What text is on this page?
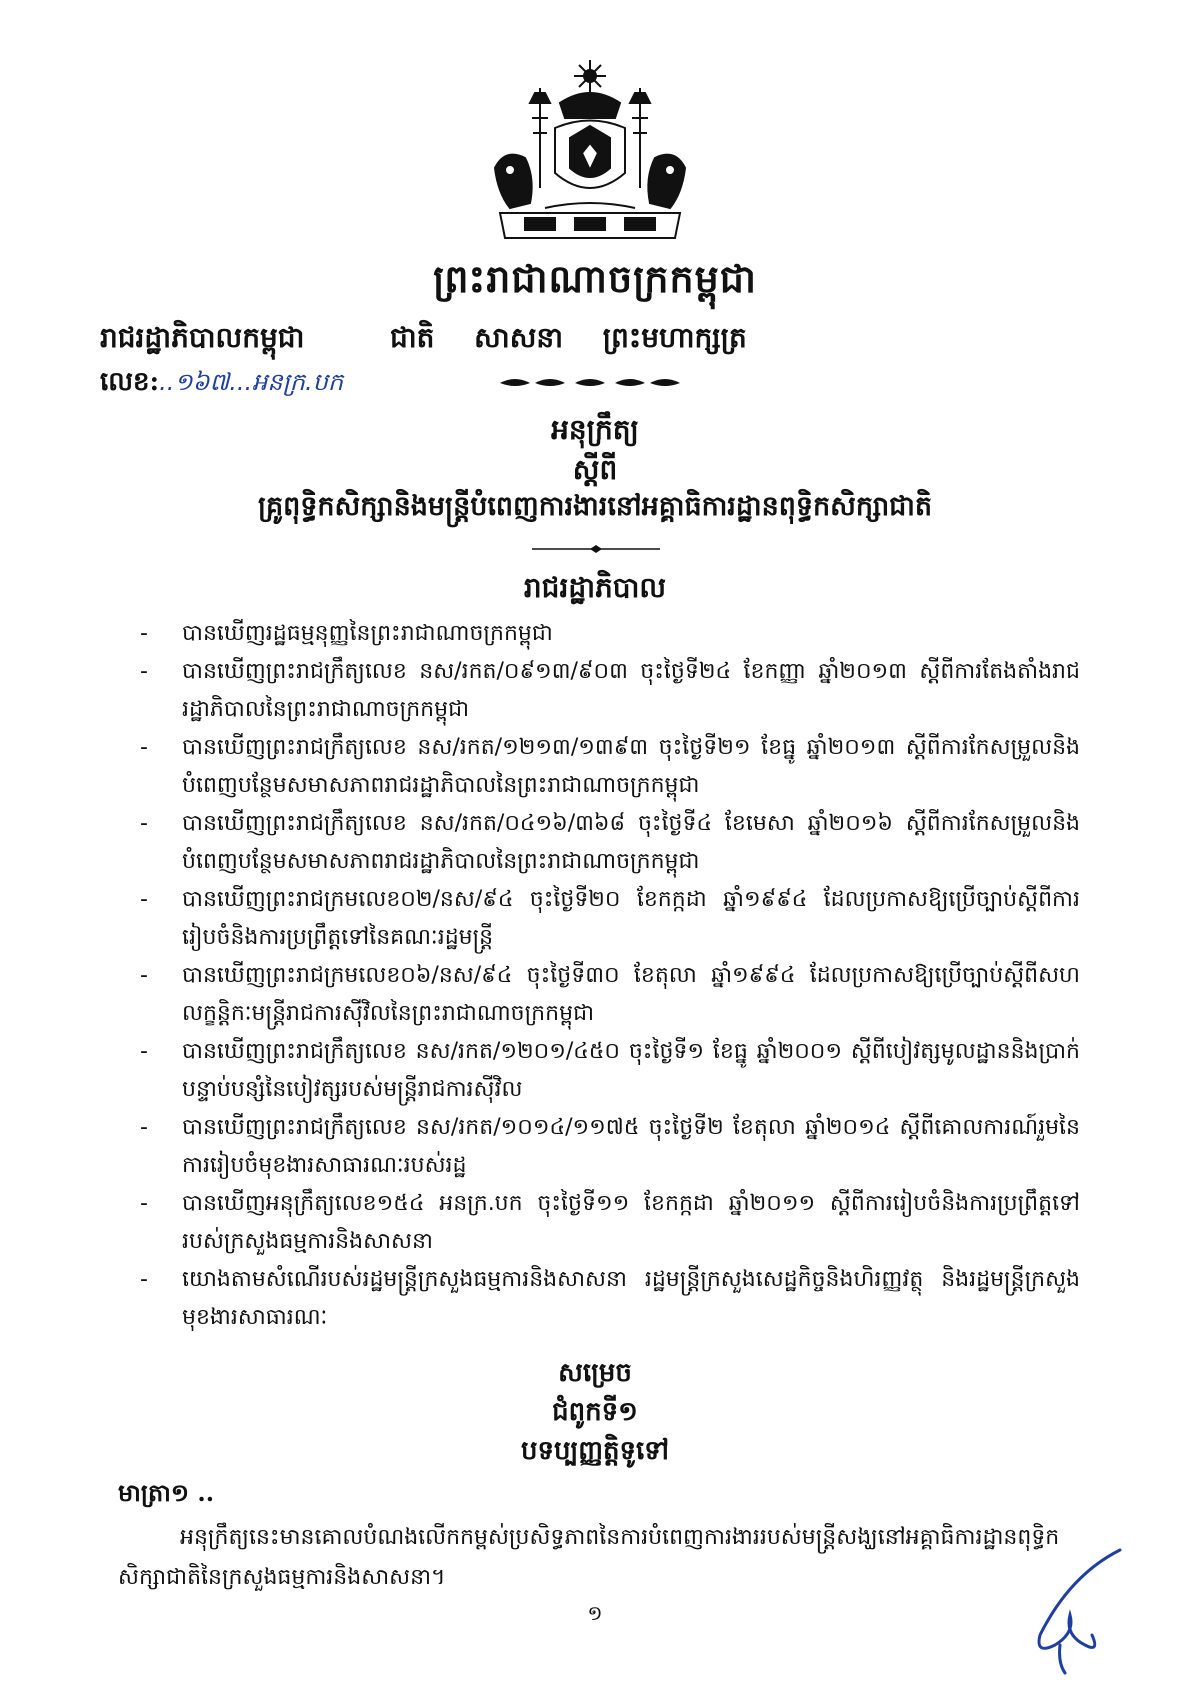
ព្រះរាជាណាចក្រកម្ពុជា
រាជរដ្ឋាភិបាលកម្ពុជា	ជាតិ សាសនា ព្រះមហាក្សត្រ
លេខ:..១៦៧...អនក្រ.បក
អនុក្រឹត្យ
ស្តីពី
គ្រូពុទ្ធិកសិក្សានិងមន្ត្រីបំពេញការងារនៅអគ្គាធិការដ្ឋានពុទ្ធិកសិក្សាជាតិ
រាជរដ្ឋាភិបាល
- បានឃើញរដ្ឋធម្មនុញ្ញនៃព្រះរាជាណាចក្រកម្ពុជា
- បានឃើញព្រះរាជក្រឹត្យលេខ នស/រកត/០៩១៣/៩០៣ ចុះថ្ងៃទី២៤ ខែកញ្ញា ឆ្នាំ២០១៣ ស្តីពីការតែងតាំងរាជរដ្ឋាភិបាលនៃព្រះរាជាណាចក្រកម្ពុជា
- បានឃើញព្រះរាជក្រឹត្យលេខ នស/រកត/១២១៣/១៣៩៣ ចុះថ្ងៃទី២១ ខែធ្នូ ឆ្នាំ២០១៣ ស្តីពីការកែសម្រួលនិងបំពេញបន្ថែមសមាសភាពរាជរដ្ឋាភិបាលនៃព្រះរាជាណាចក្រកម្ពុជា
- បានឃើញព្រះរាជក្រឹត្យលេខ នស/រកត/០៤១៦/៣៦៨ ចុះថ្ងៃទី៤ ខែមេសា ឆ្នាំ២០១៦ ស្តីពីការកែសម្រួលនិងបំពេញបន្ថែមសមាសភាពរាជរដ្ឋាភិបាលនៃព្រះរាជាណាចក្រកម្ពុជា
- បានឃើញព្រះរាជក្រមលេខ០២/នស/៩៤ ចុះថ្ងៃទី២០ ខែកក្កដា ឆ្នាំ១៩៩៤ ដែលប្រកាសឱ្យប្រើច្បាប់ស្តីពីការរៀបចំនិងការប្រព្រឹត្តទៅនៃគណៈរដ្ឋមន្ត្រី
- បានឃើញព្រះរាជក្រមលេខ០៦/នស/៩៤ ចុះថ្ងៃទី៣០ ខែតុលា ឆ្នាំ១៩៩៤ ដែលប្រកាសឱ្យប្រើច្បាប់ស្តីពីសហលក្ខន្តិកៈមន្ត្រីរាជការស៊ីវិលនៃព្រះរាជាណាចក្រកម្ពុជា
- បានឃើញព្រះរាជក្រឹត្យលេខ នស/រកត/១២០១/៤៥០ ចុះថ្ងៃទី១ ខែធ្នូ ឆ្នាំ២០០១ ស្តីពីបៀវត្សមូលដ្ឋាននិងប្រាក់បន្ទាប់បន្សំនៃបៀវត្សរបស់មន្ត្រីរាជការស៊ីវិល
- បានឃើញព្រះរាជក្រឹត្យលេខ នស/រកត/១០១៤/១១៧៥ ចុះថ្ងៃទី២ ខែតុលា ឆ្នាំ២០១៤ ស្តីពីគោលការណ៍រួមនៃការរៀបចំមុខងារសាធារណៈរបស់រដ្ឋ
- បានឃើញអនុក្រឹត្យលេខ១៥៤ អនក្រ.បក ចុះថ្ងៃទី១១ ខែកក្កដា ឆ្នាំ២០១១ ស្តីពីការរៀបចំនិងការប្រព្រឹត្តទៅរបស់ក្រសួងធម្មការនិងសាសនា
- យោងតាមសំណើរបស់រដ្ឋមន្ត្រីក្រសួងធម្មការនិងសាសនា រដ្ឋមន្ត្រីក្រសួងសេដ្ឋកិច្ចនិងហិរញ្ញវត្ថុ និងរដ្ឋមន្ត្រីក្រសួងមុខងារសាធារណៈ
សម្រេច
ជំពូកទី១
បទប្បញ្ញត្តិទូទៅ
មាត្រា១ ..
អនុក្រឹត្យនេះមានគោលបំណងលើកកម្ពស់ប្រសិទ្ធភាពនៃការបំពេញការងាររបស់មន្ត្រីសង្ឃនៅអគ្គាធិការដ្ឋានពុទ្ធិកសិក្សាជាតិនៃក្រសួងធម្មការនិងសាសនា។
១
